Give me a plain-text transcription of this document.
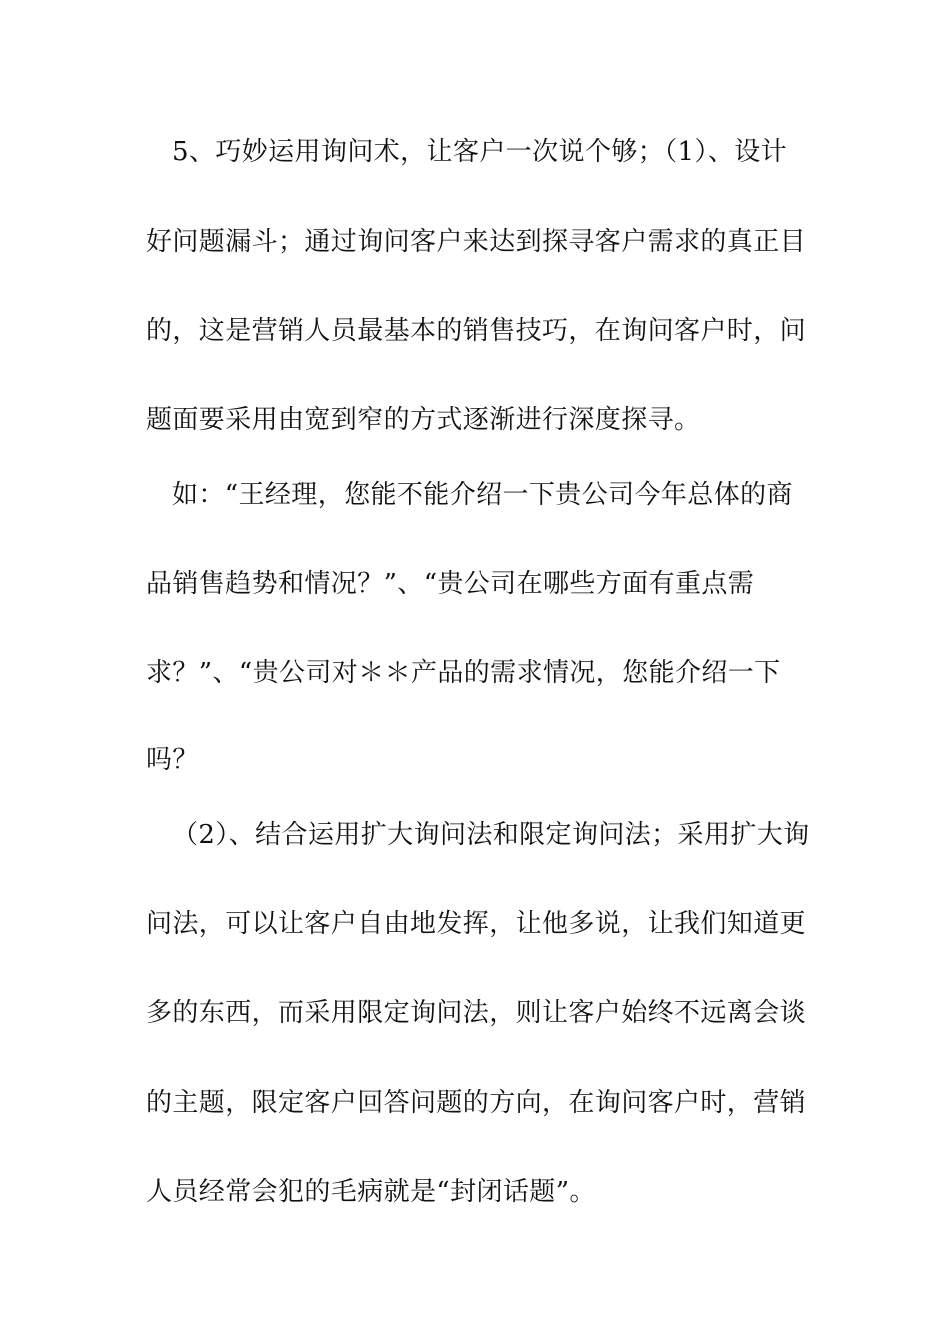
5、巧妙运用询问术，让客户一次说个够；（1）、设计
好问题漏斗；通过询问客户来达到探寻客户需求的真正目
的，这是营销人员最基本的销售技巧，在询问客户时，问
题面要采用由宽到窄的方式逐渐进行深度探寻。
如：“王经理，您能不能介绍一下贵公司今年总体的商
品销售趋势和情况？”、“贵公司在哪些方面有重点需
求？”、“贵公司对＊＊产品的需求情况，您能介绍一下
吗？
（2）、结合运用扩大询问法和限定询问法；采用扩大询
问法，可以让客户自由地发挥，让他多说，让我们知道更
多的东西，而采用限定询问法，则让客户始终不远离会谈
的主题，限定客户回答问题的方向，在询问客户时，营销
人员经常会犯的毛病就是“封闭话题”。
